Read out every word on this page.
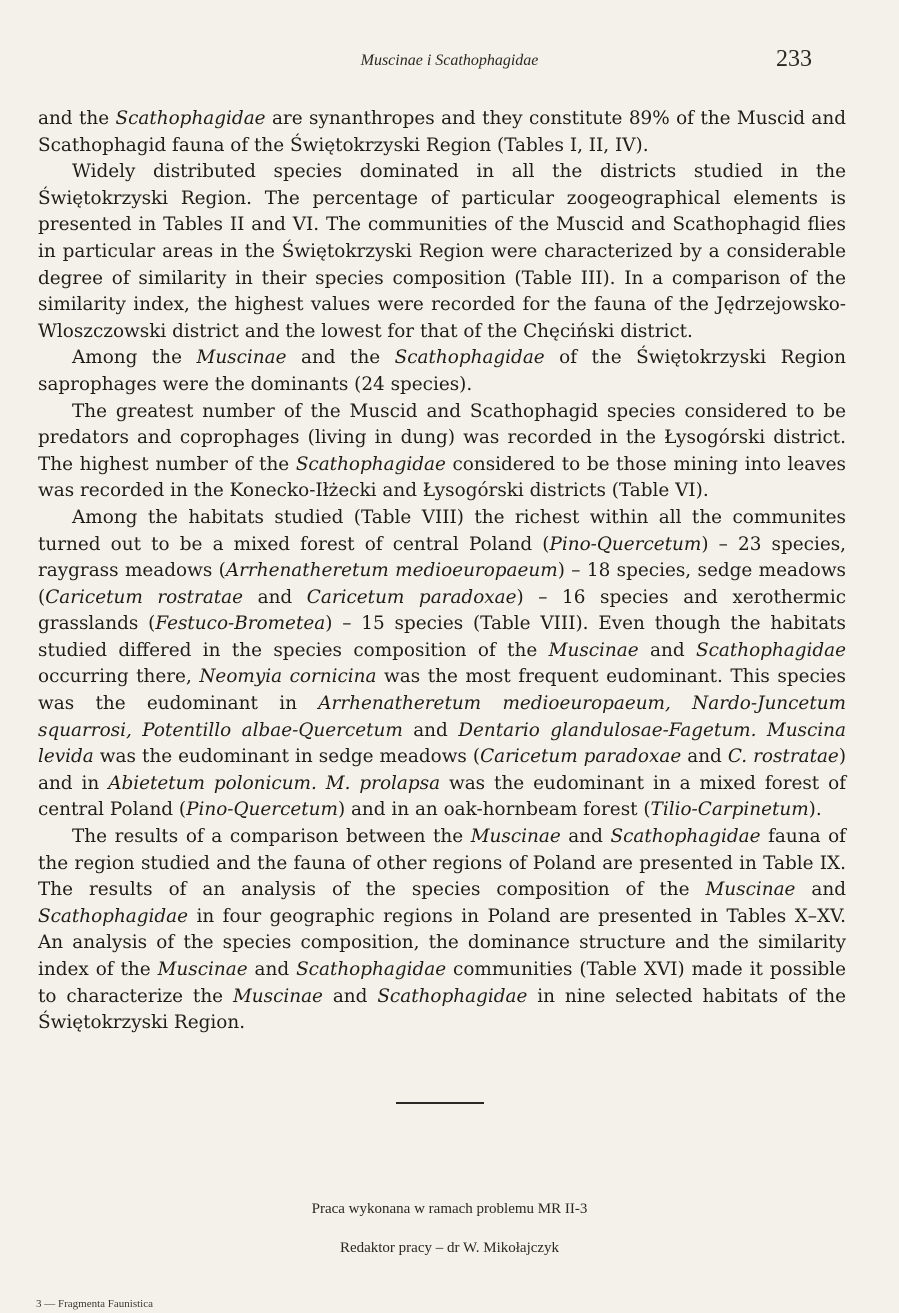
Muscinae i Scathophagidae	233

and the Scathophagidae are synanthropes and they constitute 89% of the Muscid and Scathophagid fauna of the Świętokrzyski Region (Tables I, II, IV).

Widely distributed species dominated in all the districts studied in the Świętokrzyski Region. The percentage of particular zoogeographical elements is presented in Tables II and VI. The communities of the Muscid and Scathophagid flies in particular areas in the Świętokrzyski Region were characterized by a considerable degree of similarity in their species composition (Table III). In a comparison of the similarity index, the highest values were recorded for the fauna of the Jędrzejowsko-Wloszczowski district and the lowest for that of the Chęciński district.

Among the Muscinae and the Scathophagidae of the Świętokrzyski Region saprophages were the dominants (24 species).

The greatest number of the Muscid and Scathophagid species considered to be predators and coprophages (living in dung) was recorded in the Łysogórski district. The highest number of the Scathophagidae considered to be those mining into leaves was recorded in the Konecko-Iłżecki and Łysogórski districts (Table VI).

Among the habitats studied (Table VIII) the richest within all the communites turned out to be a mixed forest of central Poland (Pino-Quercetum) – 23 species, raygrass meadows (Arrhenatheretum medioeuropaeum) – 18 species, sedge meadows (Caricetum rostratae and Caricetum paradoxae) – 16 species and xerothermic grasslands (Festuco-Brometea) – 15 species (Table VIII). Even though the habitats studied differed in the species composition of the Muscinae and Scathophagidae occurring there, Neomyia cornicina was the most frequent eudominant. This species was the eudominant in Arrhenatheretum medioeuropaeum, Nardo-Juncetum squarrosi, Potentillo albae-Quercetum and Dentario glandulosae-Fagetum. Muscina levida was the eudominant in sedge meadows (Caricetum paradoxae and C. rostratae) and in Abietetum polonicum. M. prolapsa was the eudominant in a mixed forest of central Poland (Pino-Quercetum) and in an oak-hornbeam forest (Tilio-Carpinetum).

The results of a comparison between the Muscinae and Scathophagidae fauna of the region studied and the fauna of other regions of Poland are presented in Table IX. The results of an analysis of the species composition of the Muscinae and Scathophagidae in four geographic regions in Poland are presented in Tables X–XV. An analysis of the species composition, the dominance structure and the similarity index of the Muscinae and Scathophagidae communities (Table XVI) made it possible to characterize the Muscinae and Scathophagidae in nine selected habitats of the Świętokrzyski Region.

Praca wykonana w ramach problemu MR II-3
Redaktor pracy – dr W. Mikołajczyk
3 — Fragmenta Faunistica
